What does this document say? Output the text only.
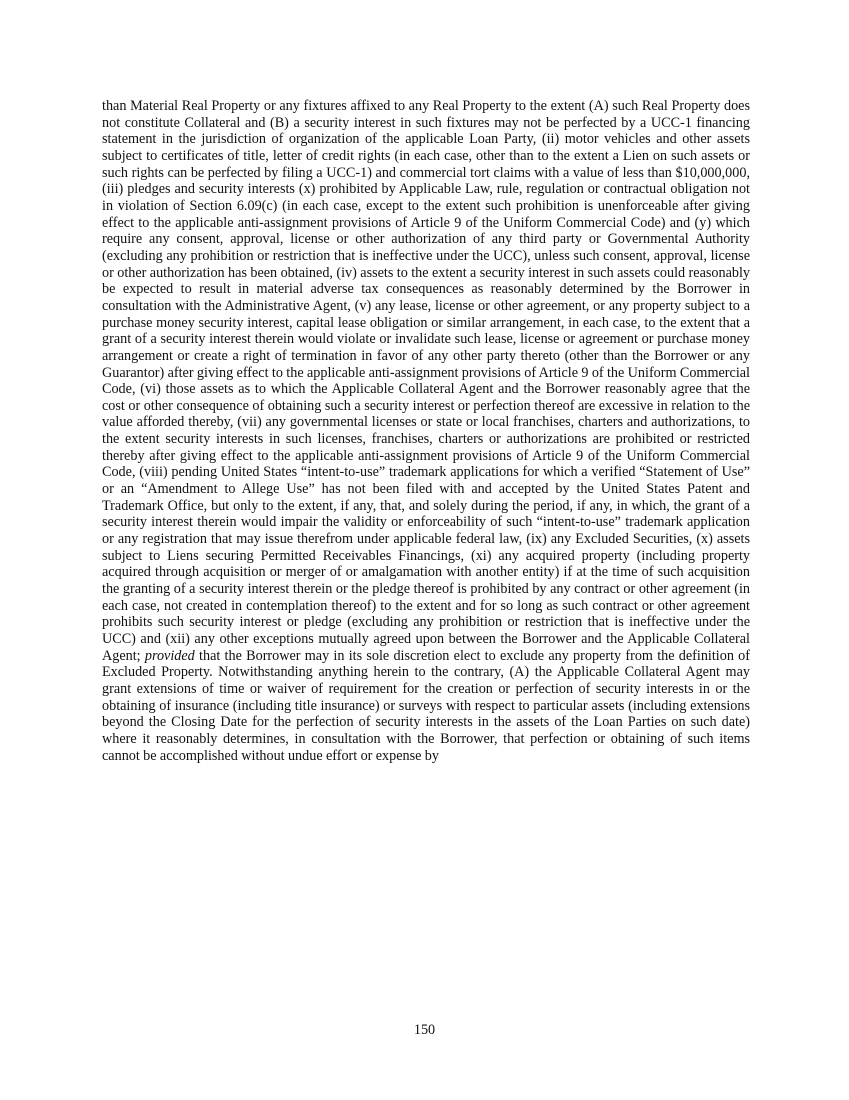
than Material Real Property or any fixtures affixed to any Real Property to the extent (A) such Real Property does not constitute Collateral and (B) a security interest in such fixtures may not be perfected by a UCC-1 financing statement in the jurisdiction of organization of the applicable Loan Party, (ii) motor vehicles and other assets subject to certificates of title, letter of credit rights (in each case, other than to the extent a Lien on such assets or such rights can be perfected by filing a UCC-1) and commercial tort claims with a value of less than $10,000,000, (iii) pledges and security interests (x) prohibited by Applicable Law, rule, regulation or contractual obligation not in violation of Section 6.09(c) (in each case, except to the extent such prohibition is unenforceable after giving effect to the applicable anti-assignment provisions of Article 9 of the Uniform Commercial Code) and (y) which require any consent, approval, license or other authorization of any third party or Governmental Authority (excluding any prohibition or restriction that is ineffective under the UCC), unless such consent, approval, license or other authorization has been obtained, (iv) assets to the extent a security interest in such assets could reasonably be expected to result in material adverse tax consequences as reasonably determined by the Borrower in consultation with the Administrative Agent, (v) any lease, license or other agreement, or any property subject to a purchase money security interest, capital lease obligation or similar arrangement, in each case, to the extent that a grant of a security interest therein would violate or invalidate such lease, license or agreement or purchase money arrangement or create a right of termination in favor of any other party thereto (other than the Borrower or any Guarantor) after giving effect to the applicable anti-assignment provisions of Article 9 of the Uniform Commercial Code, (vi) those assets as to which the Applicable Collateral Agent and the Borrower reasonably agree that the cost or other consequence of obtaining such a security interest or perfection thereof are excessive in relation to the value afforded thereby, (vii) any governmental licenses or state or local franchises, charters and authorizations, to the extent security interests in such licenses, franchises, charters or authorizations are prohibited or restricted thereby after giving effect to the applicable anti-assignment provisions of Article 9 of the Uniform Commercial Code, (viii) pending United States “intent-to-use” trademark applications for which a verified “Statement of Use” or an “Amendment to Allege Use” has not been filed with and accepted by the United States Patent and Trademark Office, but only to the extent, if any, that, and solely during the period, if any, in which, the grant of a security interest therein would impair the validity or enforceability of such “intent-to-use” trademark application or any registration that may issue therefrom under applicable federal law, (ix) any Excluded Securities, (x) assets subject to Liens securing Permitted Receivables Financings, (xi) any acquired property (including property acquired through acquisition or merger of or amalgamation with another entity) if at the time of such acquisition the granting of a security interest therein or the pledge thereof is prohibited by any contract or other agreement (in each case, not created in contemplation thereof) to the extent and for so long as such contract or other agreement prohibits such security interest or pledge (excluding any prohibition or restriction that is ineffective under the UCC) and (xii) any other exceptions mutually agreed upon between the Borrower and the Applicable Collateral Agent; provided that the Borrower may in its sole discretion elect to exclude any property from the definition of Excluded Property. Notwithstanding anything herein to the contrary, (A) the Applicable Collateral Agent may grant extensions of time or waiver of requirement for the creation or perfection of security interests in or the obtaining of insurance (including title insurance) or surveys with respect to particular assets (including extensions beyond the Closing Date for the perfection of security interests in the assets of the Loan Parties on such date) where it reasonably determines, in consultation with the Borrower, that perfection or obtaining of such items cannot be accomplished without undue effort or expense by

150
